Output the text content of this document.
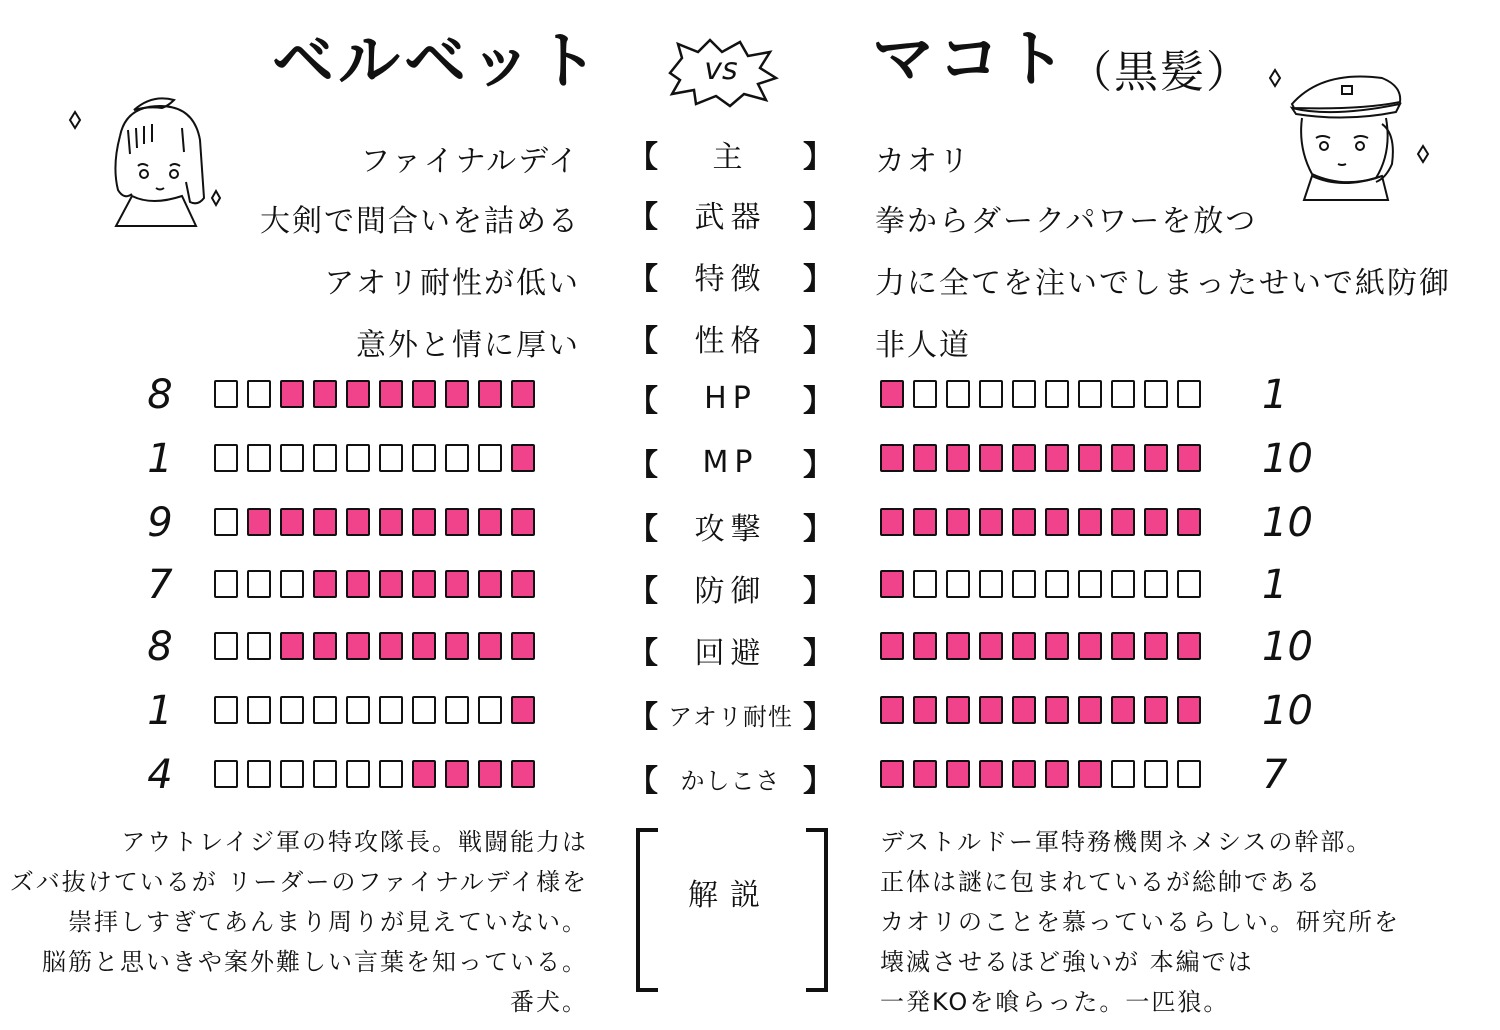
ベルベット	vs	マコト
（黒髪）
ファイナルデイ 【	主	】 カオリ
大剣で間合いを詰める 【	武器	】 拳からダークパワーを放つ
アオリ耐性が低い 【	特徴	】 力に全てを注いでしまったせいで紙防御
意外と情に厚い 【	性格	】 非人道
8	【	HP	】	1
1	【	MP	】	10
9	【	攻撃	】	10
7	【	防御	】	1
8	【	回避	】	10
1	【 アオリ耐性 】	10
4	【 かしこさ 】	7
アウトレイジ軍の特攻隊長。戦闘能力は
ズバ抜けているが リーダーのファイナルデイ様を
崇拝しすぎてあんまり周りが見えていない。
脳筋と思いきや案外難しい言葉を知っている。
番犬。
解説
デストルドー軍特務機関ネメシスの幹部。
正体は謎に包まれているが総帥である
カオリのことを慕っているらしい。研究所を
壊滅させるほど強いが 本編では
一発KOを喰らった。一匹狼。
